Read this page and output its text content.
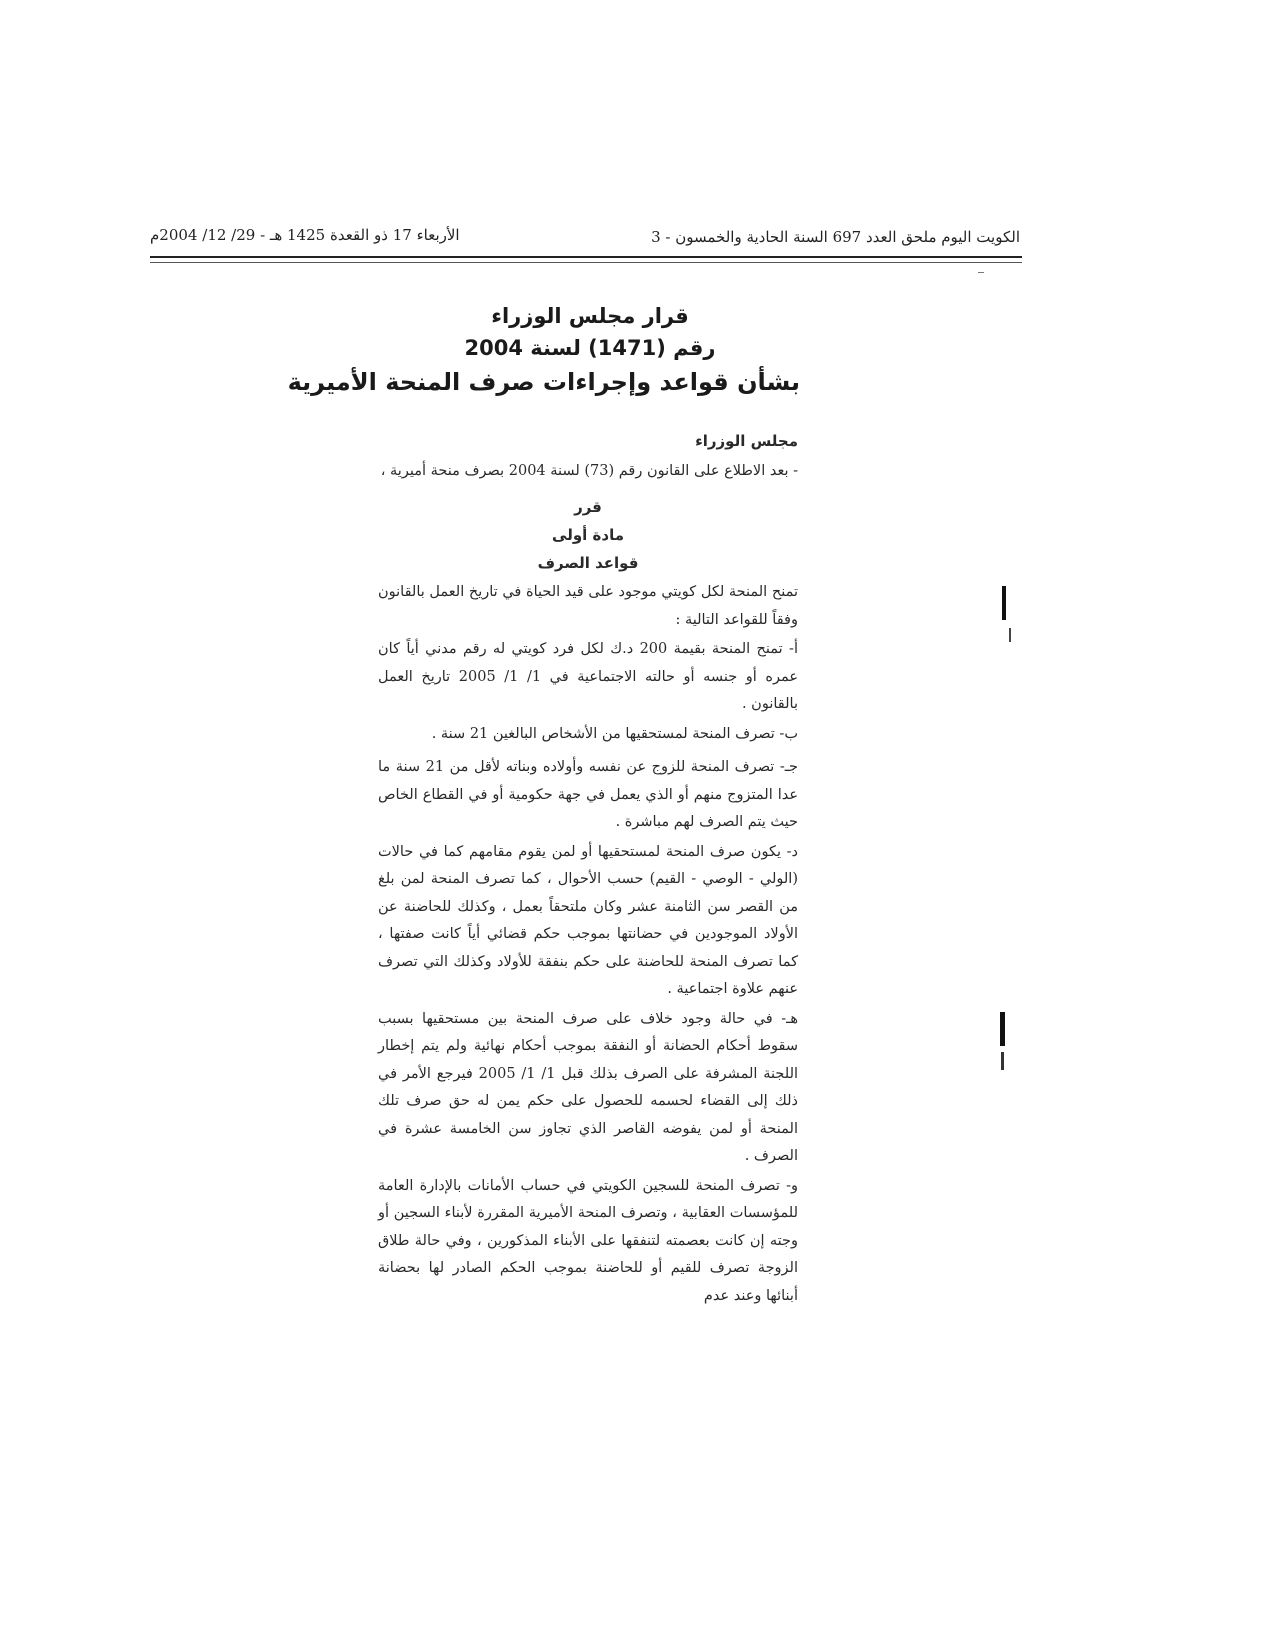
الكويت اليوم ملحق العدد 697 السنة الحادية والخمسون - 3
الأربعاء 17 ذو القعدة 1425 هـ - 29/ 12/ 2004م
قرار مجلس الوزراء
رقم (1471) لسنة 2004
بشأن قواعد وإجراءات صرف المنحة الأميرية
مجلس الوزراء

- بعد الاطلاع على القانون رقم (73) لسنة 2004 بصرف منحة أميرية ،

قرر
مادة أولى
قواعد الصرف

تمنح المنحة لكل كويتي موجود على قيد الحياة في تاريخ العمل بالقانون وفقاً للقواعد التالية :

أ- تمنح المنحة بقيمة 200 د.ك لكل فرد كويتي له رقم مدني أياً كان عمره أو جنسه أو حالته الاجتماعية في 1/ 1/ 2005 تاريخ العمل بالقانون .

ب- تصرف المنحة لمستحقيها من الأشخاص البالغين 21 سنة .

جـ- تصرف المنحة للزوج عن نفسه وأولاده وبناته لأقل من 21 سنة ما عدا المتزوج منهم أو الذي يعمل في جهة حكومية أو في القطاع الخاص حيث يتم الصرف لهم مباشرة .

د- يكون صرف المنحة لمستحقيها أو لمن يقوم مقامهم كما في حالات (الولي - الوصي - القيم) حسب الأحوال ، كما تصرف المنحة لمن بلغ من القصر سن الثامنة عشر وكان ملتحقاً بعمل ، وكذلك للحاضنة عن الأولاد الموجودين في حضانتها بموجب حكم قضائي أياً كانت صفتها ، كما تصرف المنحة للحاضنة على حكم بنفقة للأولاد وكذلك التي تصرف عنهم علاوة اجتماعية .

هـ- في حالة وجود خلاف على صرف المنحة بين مستحقيها بسبب سقوط أحكام الحضانة أو النفقة بموجب أحكام نهائية ولم يتم إخطار اللجنة المشرفة على الصرف بذلك قبل 1/ 1/ 2005 فيرجع الأمر في ذلك إلى القضاء لحسمه للحصول على حكم يمن له حق صرف تلك المنحة أو لمن يفوضه القاصر الذي تجاوز سن الخامسة عشرة في الصرف .

و- تصرف المنحة للسجين الكويتي في حساب الأمانات بالإدارة العامة للمؤسسات العقابية ، وتصرف المنحة الأميرية المقررة لأبناء السجين أو وجته إن كانت بعصمته لتنفقها على الأبناء المذكورين ، وفي حالة طلاق الزوجة تصرف للقيم أو للحاضنة بموجب الحكم الصادر لها بحضانة أبنائها وعند عدم
